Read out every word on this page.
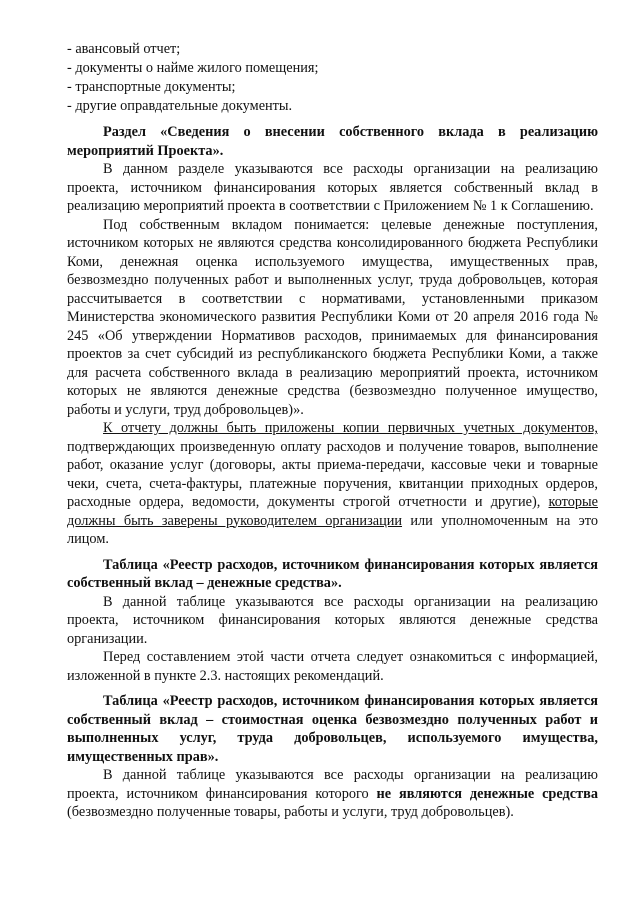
- авансовый отчет;
- документы о найме жилого помещения;
- транспортные документы;
- другие оправдательные документы.

Раздел «Сведения о внесении собственного вклада в реализацию мероприятий Проекта».

В данном разделе указываются все расходы организации на реализацию проекта, источником финансирования которых является собственный вклад в реализацию мероприятий проекта в соответствии с Приложением № 1 к Соглашению.

Под собственным вкладом понимается: целевые денежные поступления, источником которых не являются средства консолидированного бюджета Республики Коми, денежная оценка используемого имущества, имущественных прав, безвозмездно полученных работ и выполненных услуг, труда добровольцев, которая рассчитывается в соответствии с нормативами, установленными приказом Министерства экономического развития Республики Коми от 20 апреля 2016 года № 245 «Об утверждении Нормативов расходов, принимаемых для финансирования проектов за счет субсидий из республиканского бюджета Республики Коми, а также для расчета собственного вклада в реализацию мероприятий проекта, источником которых не являются денежные средства (безвозмездно полученное имущество, работы и услуги, труд добровольцев)».

К отчету должны быть приложены копии первичных учетных документов, подтверждающих произведенную оплату расходов и получение товаров, выполнение работ, оказание услуг (договоры, акты приема-передачи, кассовые чеки и товарные чеки, счета, счета-фактуры, платежные поручения, квитанции приходных ордеров, расходные ордера, ведомости, документы строгой отчетности и другие), которые должны быть заверены руководителем организации или уполномоченным на это лицом.

Таблица «Реестр расходов, источником финансирования которых является собственный вклад – денежные средства».

В данной таблице указываются все расходы организации на реализацию проекта, источником финансирования которых являются денежные средства организации.

Перед составлением этой части отчета следует ознакомиться с информацией, изложенной в пункте 2.3. настоящих рекомендаций.

Таблица «Реестр расходов, источником финансирования которых является собственный вклад – стоимостная оценка безвозмездно полученных работ и выполненных услуг, труда добровольцев, используемого имущества, имущественных прав».

В данной таблице указываются все расходы организации на реализацию проекта, источником финансирования которого не являются денежные средства (безвозмездно полученные товары, работы и услуги, труд добровольцев).
